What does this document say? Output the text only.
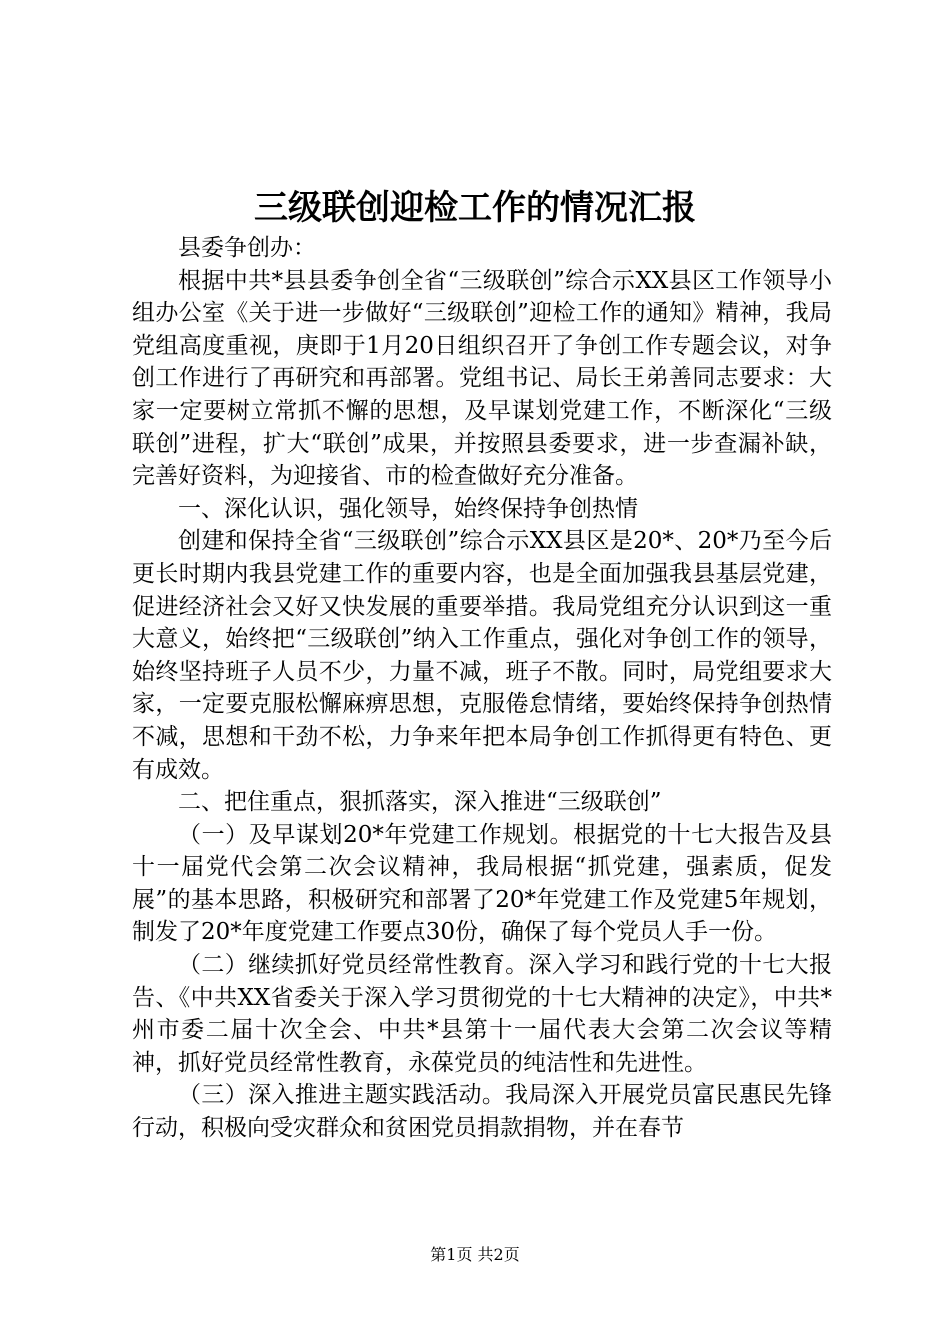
三级联创迎检工作的情况汇报

县委争创办：

根据中共*县县委争创全省“三级联创”综合示XX县区工作领导小组办公室《关于进一步做好“三级联创”迎检工作的通知》精神，我局党组高度重视，庚即于1月20日组织召开了争创工作专题会议，对争创工作进行了再研究和再部署。党组书记、局长王弟善同志要求：大家一定要树立常抓不懈的思想，及早谋划党建工作，不断深化“三级联创”进程，扩大“联创”成果，并按照县委要求，进一步查漏补缺，完善好资料，为迎接省、市的检查做好充分准备。

一、深化认识，强化领导，始终保持争创热情

创建和保持全省“三级联创”综合示XX县区是20*、20*乃至今后更长时期内我县党建工作的重要内容，也是全面加强我县基层党建，促进经济社会又好又快发展的重要举措。我局党组充分认识到这一重大意义，始终把“三级联创”纳入工作重点，强化对争创工作的领导，始终坚持班子人员不少，力量不减，班子不散。同时，局党组要求大家，一定要克服松懈麻痹思想，克服倦怠情绪，要始终保持争创热情不减，思想和干劲不松，力争来年把本局争创工作抓得更有特色、更有成效。

二、把住重点，狠抓落实，深入推进“三级联创”

（一）及早谋划20*年党建工作规划。根据党的十七大报告及县十一届党代会第二次会议精神，我局根据“抓党建，强素质，促发展”的基本思路，积极研究和部署了20*年党建工作及党建5年规划，制发了20*年度党建工作要点30份，确保了每个党员人手一份。

（二）继续抓好党员经常性教育。深入学习和践行党的十七大报告、《中共XX省委关于深入学习贯彻党的十七大精神的决定》，中共*州市委二届十次全会、中共*县第十一届代表大会第二次会议等精神，抓好党员经常性教育，永葆党员的纯洁性和先进性。

（三）深入推进主题实践活动。我局深入开展党员富民惠民先锋行动，积极向受灾群众和贫困党员捐款捐物，并在春节

第1页 共2页
